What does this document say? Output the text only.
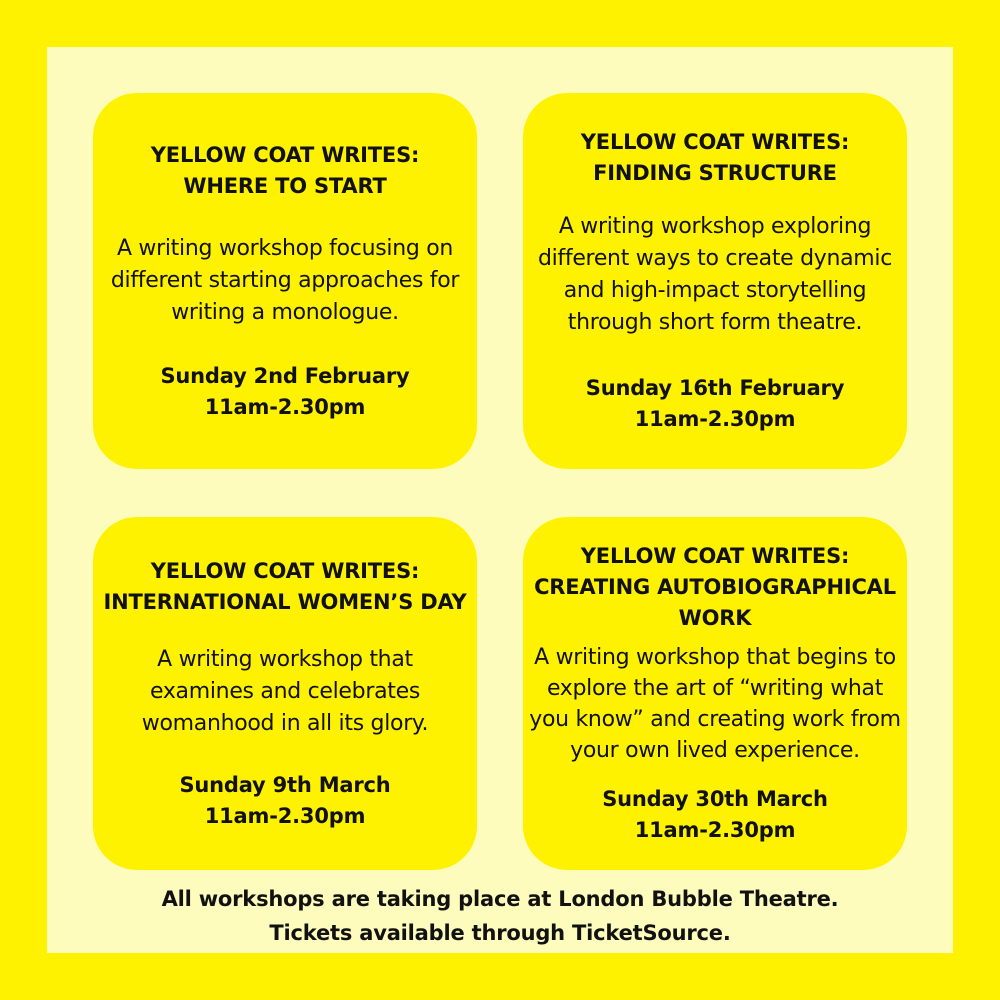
YELLOW COAT WRITES:
WHERE TO START
A writing workshop focusing on
different starting approaches for
writing a monologue.
Sunday 2nd February
11am-2.30pm
YELLOW COAT WRITES:
FINDING STRUCTURE
A writing workshop exploring
different ways to create dynamic
and high-impact storytelling
through short form theatre.
Sunday 16th February
11am-2.30pm
YELLOW COAT WRITES:
INTERNATIONAL WOMEN’S DAY
A writing workshop that
examines and celebrates
womanhood in all its glory.
Sunday 9th March
11am-2.30pm
YELLOW COAT WRITES:
CREATING AUTOBIOGRAPHICAL
WORK
A writing workshop that begins to
explore the art of “writing what
you know” and creating work from
your own lived experience.
Sunday 30th March
11am-2.30pm
All workshops are taking place at London Bubble Theatre.
Tickets available through TicketSource.
